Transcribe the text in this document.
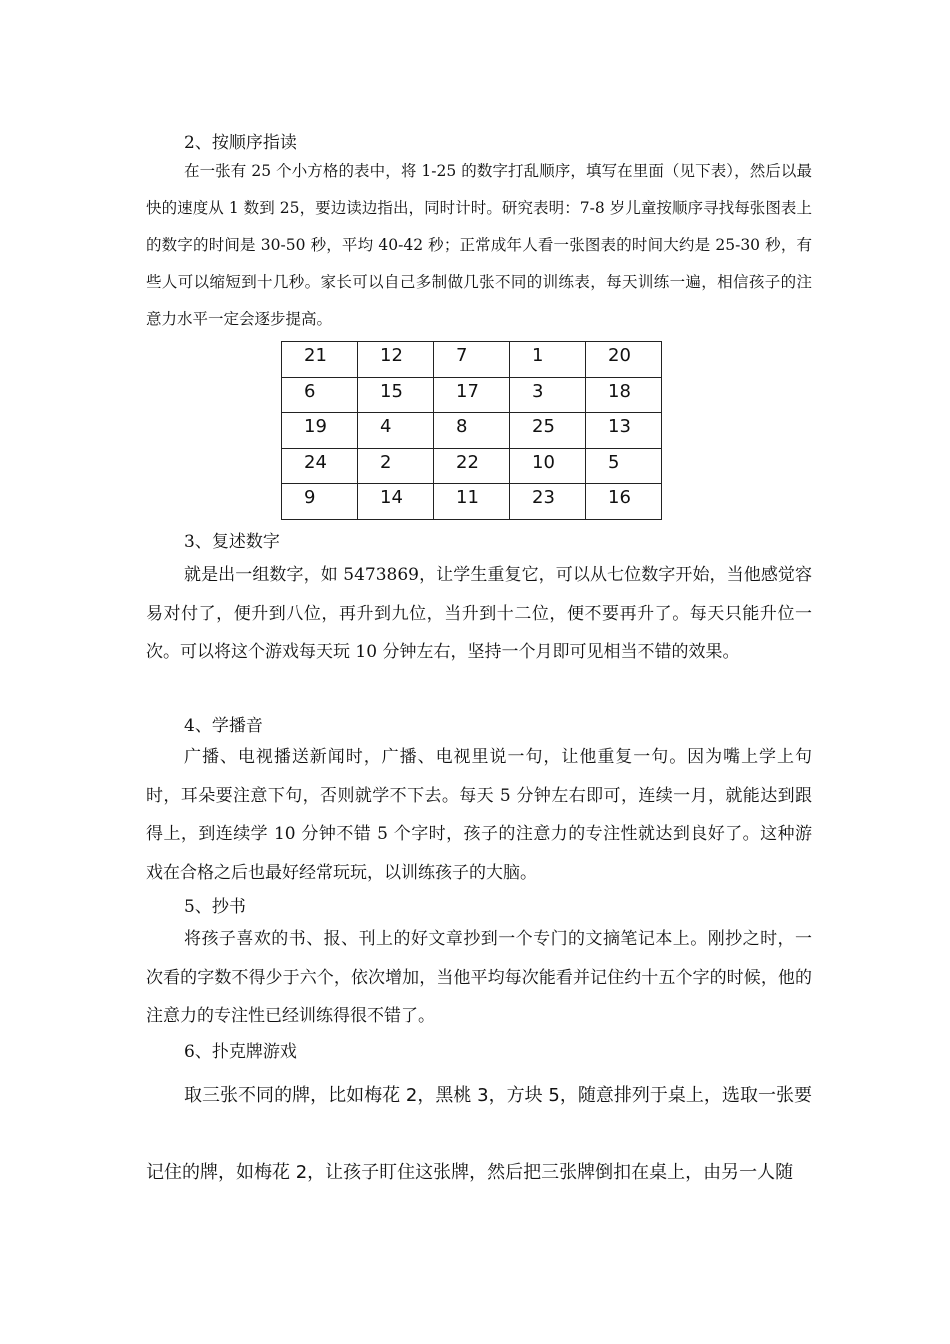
2、按顺序指读

在一张有 25 个小方格的表中，将 1-25 的数字打乱顺序，填写在里面（见下表），然后以最快的速度从 1 数到 25，要边读边指出，同时计时。研究表明：7-8 岁儿童按顺序寻找每张图表上的数字的时间是 30-50 秒，平均 40-42 秒；正常成年人看一张图表的时间大约是 25-30 秒，有些人可以缩短到十几秒。家长可以自己多制做几张不同的训练表，每天训练一遍，相信孩子的注意力水平一定会逐步提高。

21	12	7	1	20
6	15	17	3	18
19	4	8	25	13
24	2	22	10	5
9	14	11	23	16
3、复述数字

就是出一组数字，如 5473869，让学生重复它，可以从七位数字开始，当他感觉容易对付了，便升到八位，再升到九位，当升到十二位，便不要再升了。每天只能升位一次。可以将这个游戏每天玩 10 分钟左右，坚持一个月即可见相当不错的效果。

4、学播音

广播、电视播送新闻时，广播、电视里说一句，让他重复一句。因为嘴上学上句时，耳朵要注意下句，否则就学不下去。每天 5 分钟左右即可，连续一月，就能达到跟得上，到连续学 10 分钟不错 5 个字时，孩子的注意力的专注性就达到良好了。这种游戏在合格之后也最好经常玩玩，以训练孩子的大脑。

5、抄书

将孩子喜欢的书、报、刊上的好文章抄到一个专门的文摘笔记本上。刚抄之时，一次看的字数不得少于六个，依次增加，当他平均每次能看并记住约十五个字的时候，他的注意力的专注性已经训练得很不错了。

6、扑克牌游戏

取三张不同的牌，比如梅花 2，黑桃 3，方块 5，随意排列于桌上，选取一张要记住的牌，如梅花 2，让孩子盯住这张牌，然后把三张牌倒扣在桌上，由另一人随
